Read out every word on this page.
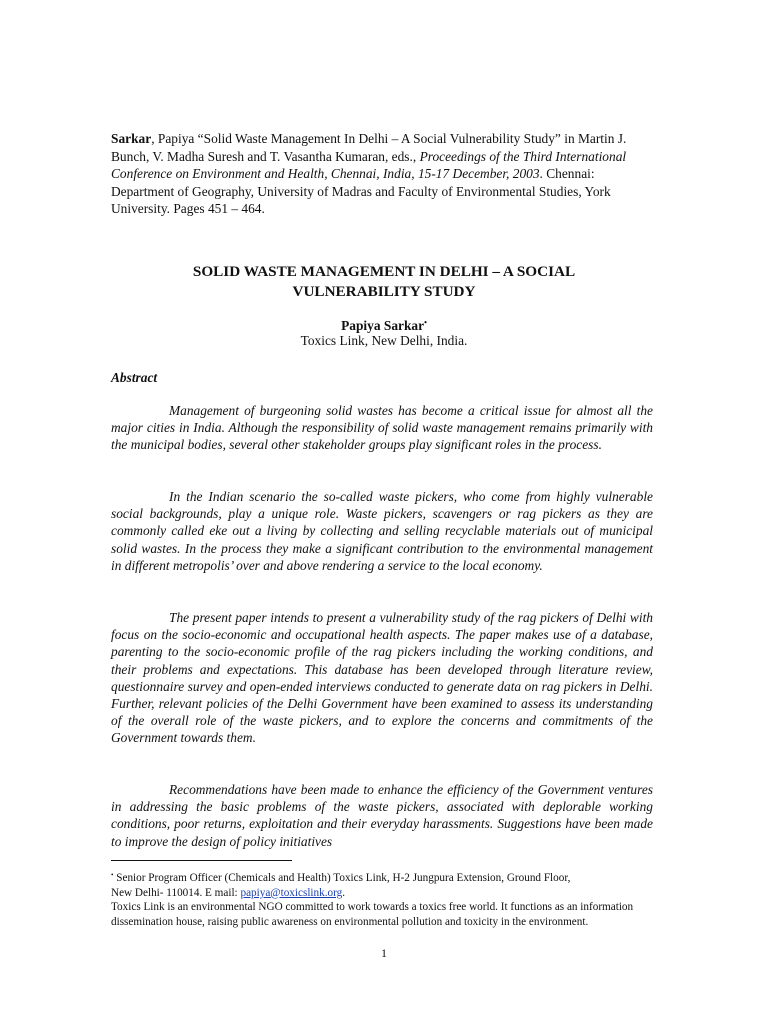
Sarkar, Papiya “Solid Waste Management In Delhi – A Social Vulnerability Study” in Martin J. Bunch, V. Madha Suresh and T. Vasantha Kumaran, eds., Proceedings of the Third International Conference on Environment and Health, Chennai, India, 15-17 December, 2003. Chennai: Department of Geography, University of Madras and Faculty of Environmental Studies, York University. Pages 451 – 464.
SOLID WASTE MANAGEMENT IN DELHI – A SOCIAL
VULNERABILITY STUDY
Papiya Sarkar•
Toxics Link, New Delhi, India.
Abstract

Management of burgeoning solid wastes has become a critical issue for almost all the major cities in India. Although the responsibility of solid waste management remains primarily with the municipal bodies, several other stakeholder groups play significant roles in the process.

In the Indian scenario the so-called waste pickers, who come from highly vulnerable social backgrounds, play a unique role. Waste pickers, scavengers or rag pickers as they are commonly called eke out a living by collecting and selling recyclable materials out of municipal solid wastes. In the process they make a significant contribution to the environmental management in different metropolis’ over and above rendering a service to the local economy.

The present paper intends to present a vulnerability study of the rag pickers of Delhi with focus on the socio-economic and occupational health aspects. The paper makes use of a database, parenting to the socio-economic profile of the rag pickers including the working conditions, and their problems and expectations. This database has been developed through literature review, questionnaire survey and open-ended interviews conducted to generate data on rag pickers in Delhi. Further, relevant policies of the Delhi Government have been examined to assess its understanding of the overall role of the waste pickers, and to explore the concerns and commitments of the Government towards them.

Recommendations have been made to enhance the efficiency of the Government ventures in addressing the basic problems of the waste pickers, associated with deplorable working conditions, poor returns, exploitation and their everyday harassments. Suggestions have been made to improve the design of policy initiatives

• Senior Program Officer (Chemicals and Health) Toxics Link, H-2 Jungpura Extension, Ground Floor,
New Delhi- 110014. E mail: papiya@toxicslink.org.
Toxics Link is an environmental NGO committed to work towards a toxics free world. It functions as an information dissemination house, raising public awareness on environmental pollution and toxicity in the environment.
1
